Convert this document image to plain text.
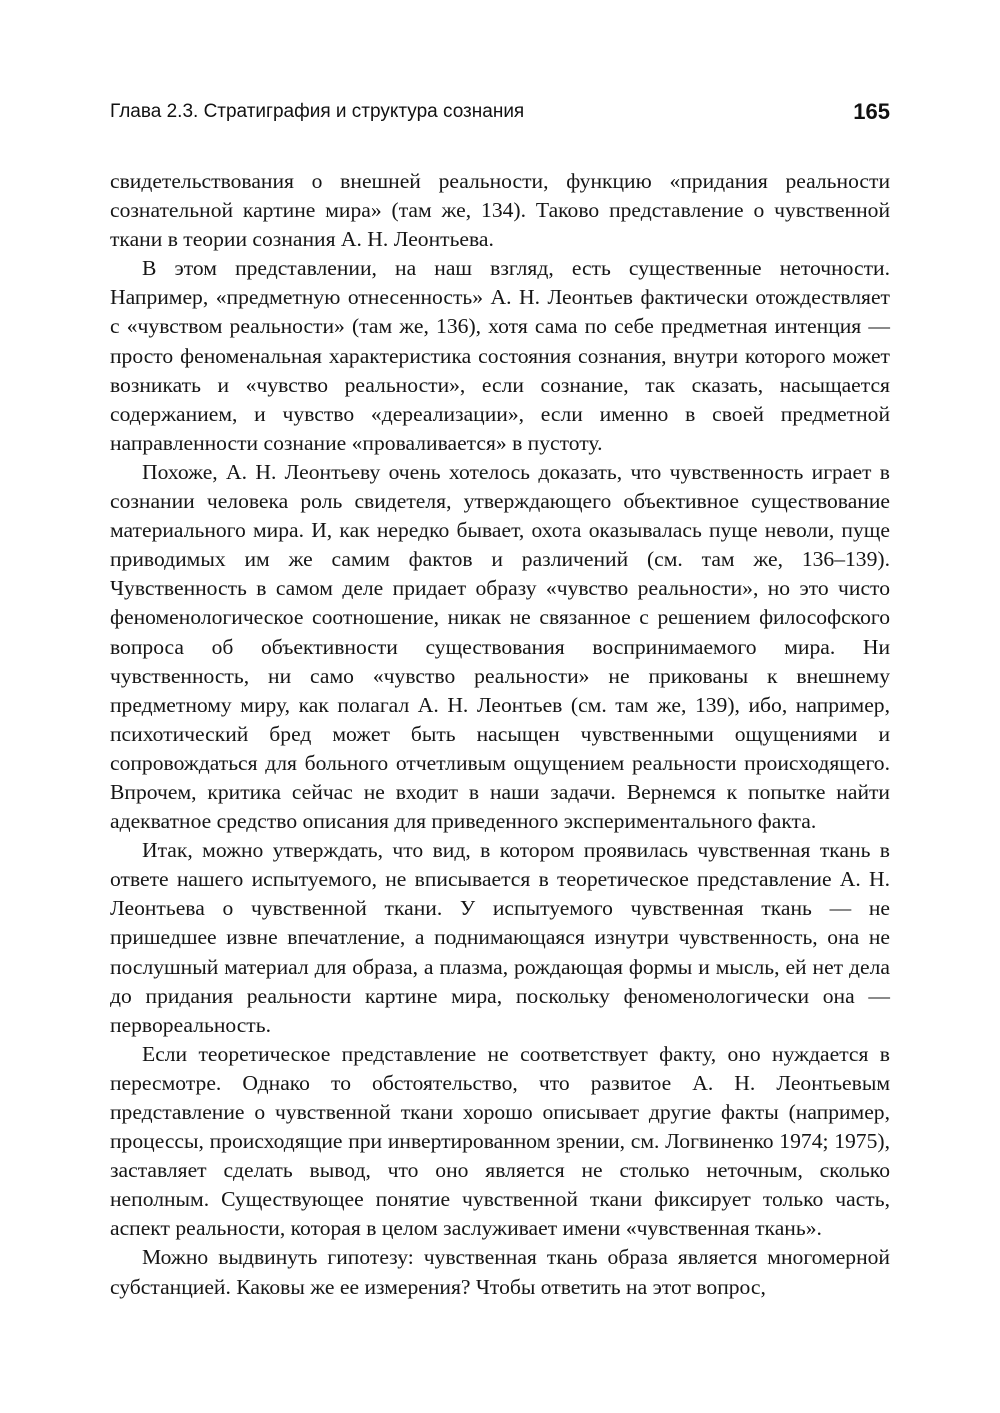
Глава 2.3. Стратиграфия и структура сознания	165

свидетельствования о внешней реальности, функцию «придания реальности сознательной картине мира» (там же, 134). Таково представление о чувственной ткани в теории сознания А. Н. Леонтьева.

В этом представлении, на наш взгляд, есть существенные неточности. Например, «предметную отнесенность» А. Н. Леонтьев фактически отождествляет с «чувством реальности» (там же, 136), хотя сама по себе предметная интенция — просто феноменальная характеристика состояния сознания, внутри которого может возникать и «чувство реальности», если сознание, так сказать, насыщается содержанием, и чувство «дереализации», если именно в своей предметной направленности сознание «проваливается» в пустоту.

Похоже, А. Н. Леонтьеву очень хотелось доказать, что чувственность играет в сознании человека роль свидетеля, утверждающего объективное существование материального мира. И, как нередко бывает, охота оказывалась пуще неволи, пуще приводимых им же самим фактов и различений (см. там же, 136–139). Чувственность в самом деле придает образу «чувство реальности», но это чисто феноменологическое соотношение, никак не связанное с решением философского вопроса об объективности существования воспринимаемого мира. Ни чувственность, ни само «чувство реальности» не прикованы к внешнему предметному миру, как полагал А. Н. Леонтьев (см. там же, 139), ибо, например, психотический бред может быть насыщен чувственными ощущениями и сопровождаться для больного отчетливым ощущением реальности происходящего. Впрочем, критика сейчас не входит в наши задачи. Вернемся к попытке найти адекватное средство описания для приведенного экспериментального факта.

Итак, можно утверждать, что вид, в котором проявилась чувственная ткань в ответе нашего испытуемого, не вписывается в теоретическое представление А. Н. Леонтьева о чувственной ткани. У испытуемого чувственная ткань — не пришедшее извне впечатление, а поднимающаяся изнутри чувственность, она не послушный материал для образа, а плазма, рождающая формы и мысль, ей нет дела до придания реальности картине мира, поскольку феноменологически она — первореальность.

Если теоретическое представление не соответствует факту, оно нуждается в пересмотре. Однако то обстоятельство, что развитое А. Н. Леонтьевым представление о чувственной ткани хорошо описывает другие факты (например, процессы, происходящие при инвертированном зрении, см. Логвиненко 1974; 1975), заставляет сделать вывод, что оно является не столько неточным, сколько неполным. Существующее понятие чувственной ткани фиксирует только часть, аспект реальности, которая в целом заслуживает имени «чувственная ткань».

Можно выдвинуть гипотезу: чувственная ткань образа является многомерной субстанцией. Каковы же ее измерения? Чтобы ответить на этот вопрос,
